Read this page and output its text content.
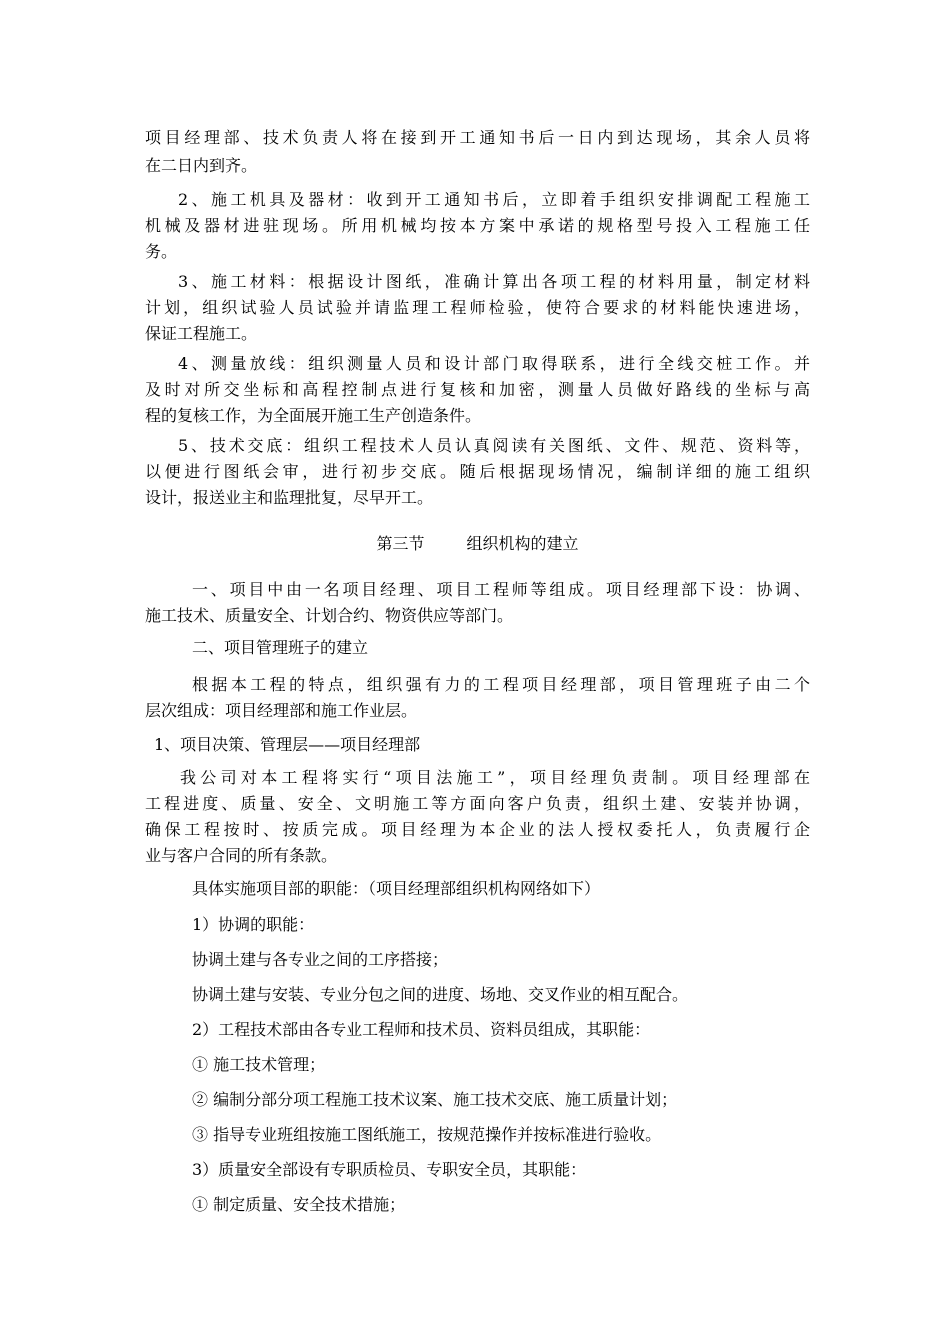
项目经理部、技术负责人将在接到开工通知书后一日内到达现场，其余人员将
在二日内到齐。
2、施工机具及器材：收到开工通知书后，立即着手组织安排调配工程施工
机械及器材进驻现场。所用机械均按本方案中承诺的规格型号投入工程施工任
务。
3、施工材料：根据设计图纸，准确计算出各项工程的材料用量，制定材料
计划，组织试验人员试验并请监理工程师检验，使符合要求的材料能快速进场，
保证工程施工。
4、测量放线：组织测量人员和设计部门取得联系，进行全线交桩工作。并
及时对所交坐标和高程控制点进行复核和加密，测量人员做好路线的坐标与高
程的复核工作，为全面展开施工生产创造条件。
5、技术交底：组织工程技术人员认真阅读有关图纸、文件、规范、资料等，
以便进行图纸会审，进行初步交底。随后根据现场情况，编制详细的施工组织
设计，报送业主和监理批复，尽早开工。
第三节	组织机构的建立
一、项目中由一名项目经理、项目工程师等组成。项目经理部下设：协调、
施工技术、质量安全、计划合约、物资供应等部门。
二、项目管理班子的建立
根据本工程的特点，组织强有力的工程项目经理部，项目管理班子由二个
层次组成：项目经理部和施工作业层。
1、项目决策、管理层——项目经理部
我公司对本工程将实行“项目法施工”，项目经理负责制。项目经理部在
工程进度、质量、安全、文明施工等方面向客户负责，组织土建、安装并协调，
确保工程按时、按质完成。项目经理为本企业的法人授权委托人，负责履行企
业与客户合同的所有条款。
具体实施项目部的职能：（项目经理部组织机构网络如下）
1）协调的职能：
协调土建与各专业之间的工序搭接；
协调土建与安装、专业分包之间的进度、场地、交叉作业的相互配合。
2）工程技术部由各专业工程师和技术员、资料员组成，其职能：
① 施工技术管理；
② 编制分部分项工程施工技术议案、施工技术交底、施工质量计划；
③ 指导专业班组按施工图纸施工，按规范操作并按标准进行验收。
3）质量安全部设有专职质检员、专职安全员，其职能：
① 制定质量、安全技术措施；
